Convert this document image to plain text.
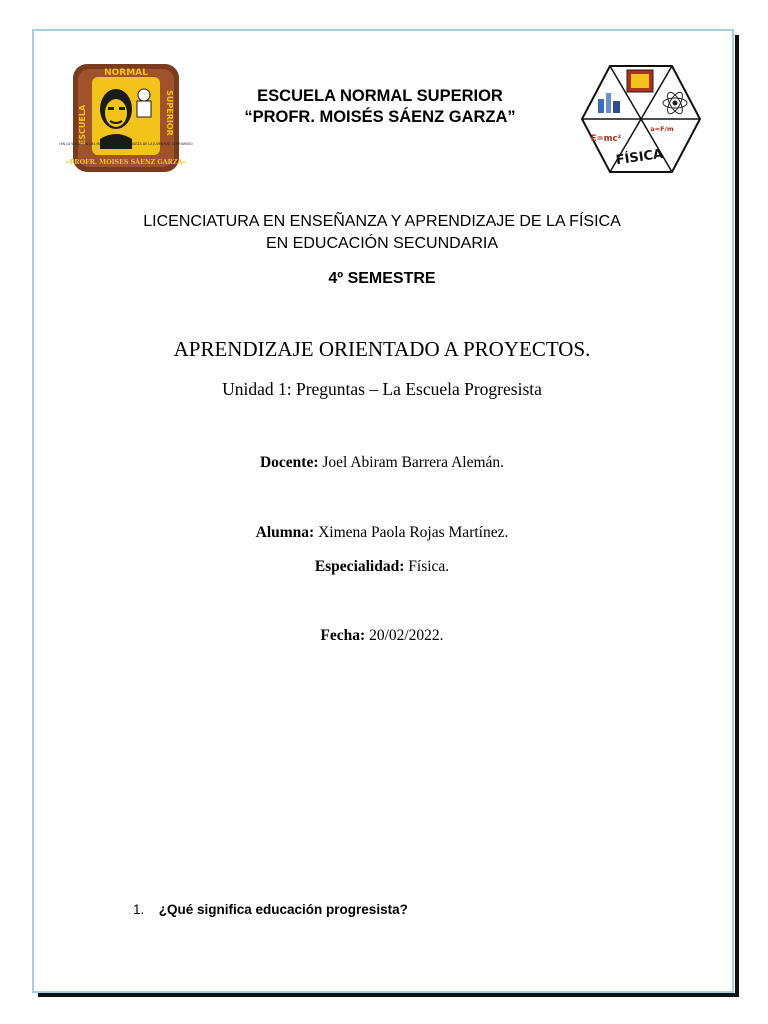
NORMAL
ESCUELA	SUPERIOR
«EN LA VOCACIÓN DEL MAESTRO Y EN LA NOBLEZA DE LA JUVENTUD, CONFIAMOS»
«PROFR. MOISES SÁENZ GARZA»
E=mc²
a=F/m
FÍSICA
ESCUELA NORMAL SUPERIOR
“PROFR. MOISÉS SÁENZ GARZA”
LICENCIATURA EN ENSEÑANZA Y APRENDIZAJE DE LA FÍSICA
EN EDUCACIÓN SECUNDARIA
4º SEMESTRE
APRENDIZAJE ORIENTADO A PROYECTOS.
Unidad 1: Preguntas – La Escuela Progresista
Docente: Joel Abiram Barrera Alemán.
Alumna: Ximena Paola Rojas Martínez.
Especialidad: Física.
Fecha: 20/02/2022.
1. ¿Qué significa educación progresista?
